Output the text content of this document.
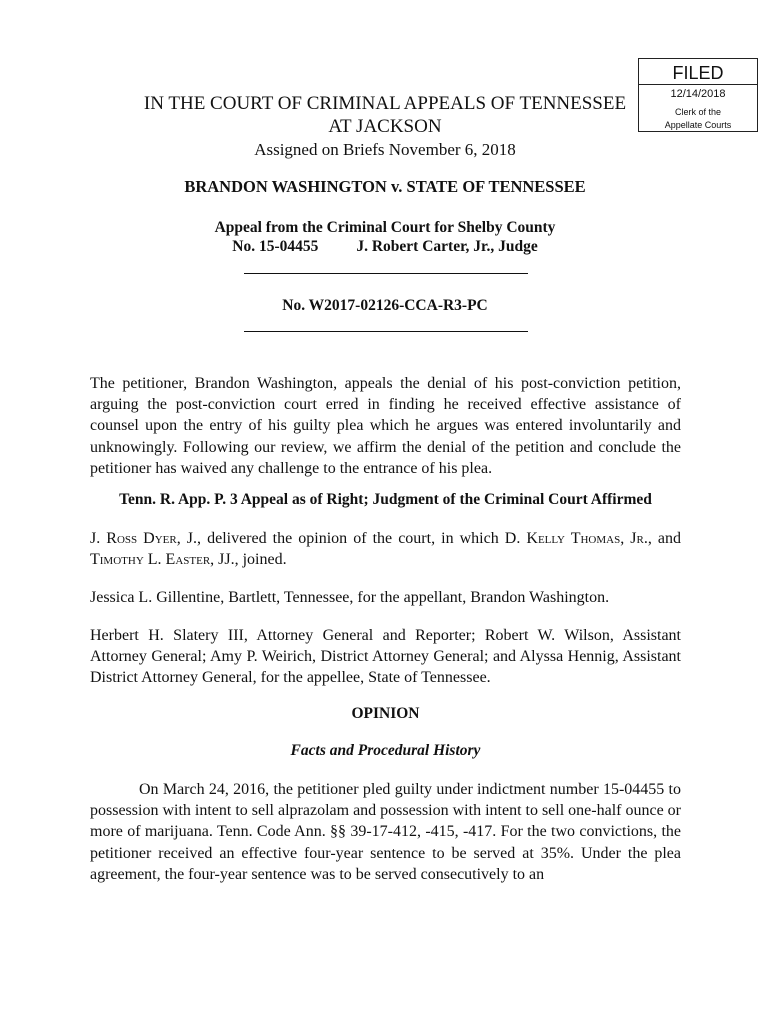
FILED
12/14/2018
Clerk of the
Appellate Courts
IN THE COURT OF CRIMINAL APPEALS OF TENNESSEE
AT JACKSON
Assigned on Briefs November 6, 2018
BRANDON WASHINGTON v. STATE OF TENNESSEE
Appeal from the Criminal Court for Shelby County
No. 15-04455 J. Robert Carter, Jr., Judge
No. W2017-02126-CCA-R3-PC
The petitioner, Brandon Washington, appeals the denial of his post-conviction petition, arguing the post-conviction court erred in finding he received effective assistance of counsel upon the entry of his guilty plea which he argues was entered involuntarily and unknowingly. Following our review, we affirm the denial of the petition and conclude the petitioner has waived any challenge to the entrance of his plea.
Tenn. R. App. P. 3 Appeal as of Right; Judgment of the Criminal Court Affirmed
J. Ross Dyer, J., delivered the opinion of the court, in which D. Kelly Thomas, Jr., and Timothy L. Easter, JJ., joined.
Jessica L. Gillentine, Bartlett, Tennessee, for the appellant, Brandon Washington.
Herbert H. Slatery III, Attorney General and Reporter; Robert W. Wilson, Assistant Attorney General; Amy P. Weirich, District Attorney General; and Alyssa Hennig, Assistant District Attorney General, for the appellee, State of Tennessee.
OPINION
Facts and Procedural History
On March 24, 2016, the petitioner pled guilty under indictment number 15-04455 to possession with intent to sell alprazolam and possession with intent to sell one-half ounce or more of marijuana. Tenn. Code Ann. §§ 39-17-412, -415, -417. For the two convictions, the petitioner received an effective four-year sentence to be served at 35%. Under the plea agreement, the four-year sentence was to be served consecutively to an
